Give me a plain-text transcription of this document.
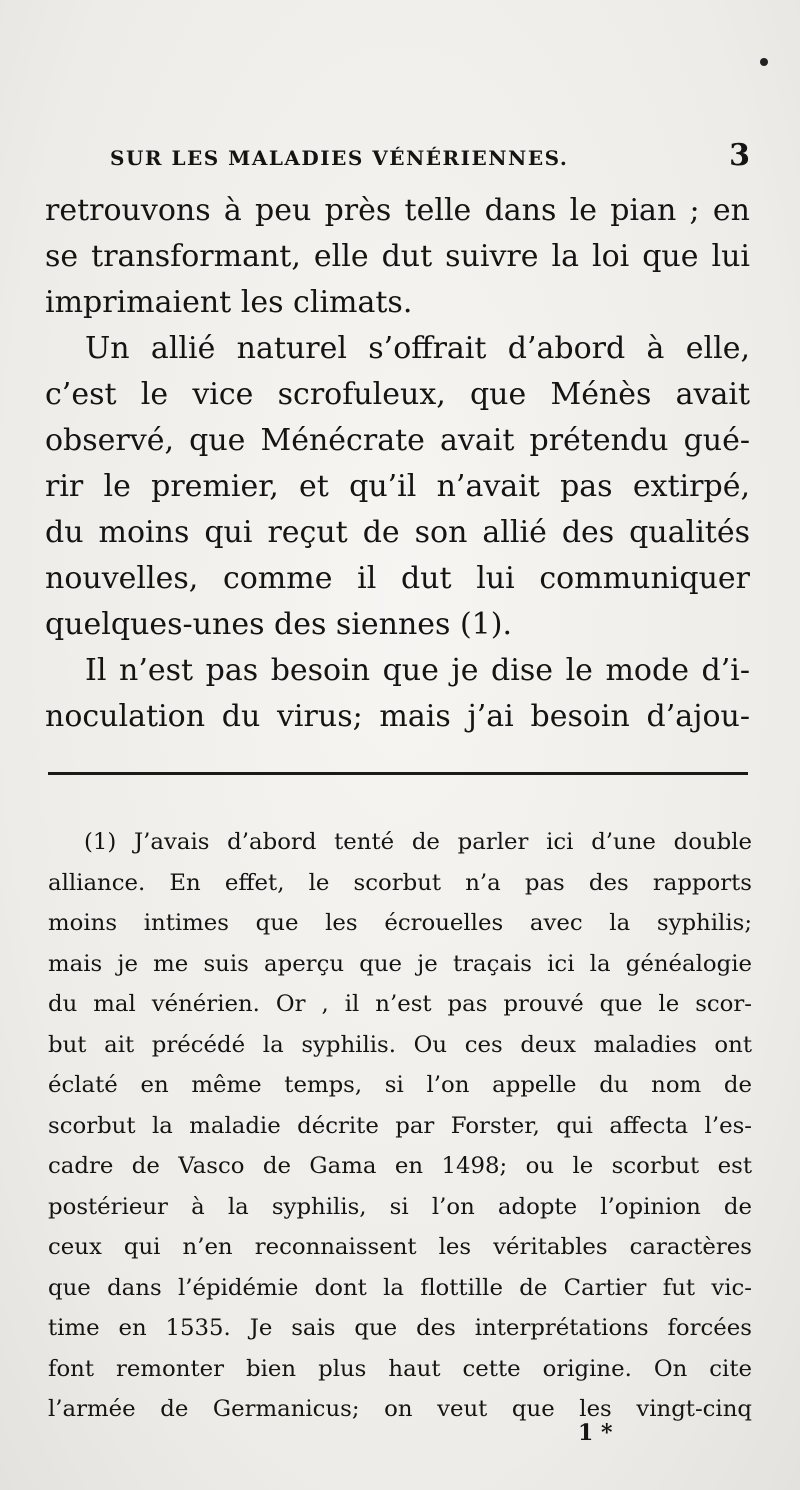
SUR LES MALADIES VÉNÉRIENNES.	3
retrouvons à peu près telle dans le pian ; en
se transformant, elle dut suivre la loi que lui
imprimaient les climats.
Un allié naturel s’offrait d’abord à elle,
c’est le vice scrofuleux, que Ménès avait
observé, que Ménécrate avait prétendu gué-
rir le premier, et qu’il n’avait pas extirpé,
du moins qui reçut de son allié des qualités
nouvelles, comme il dut lui communiquer
quelques-unes des siennes (1).
Il n’est pas besoin que je dise le mode d’i-
noculation du virus; mais j’ai besoin d’ajou-
(1) J’avais d’abord tenté de parler ici d’une double
alliance. En effet, le scorbut n’a pas des rapports
moins intimes que les écrouelles avec la syphilis;
mais je me suis aperçu que je traçais ici la généalogie
du mal vénérien. Or , il n’est pas prouvé que le scor-
but ait précédé la syphilis. Ou ces deux maladies ont
éclaté en même temps, si l’on appelle du nom de
scorbut la maladie décrite par Forster, qui affecta l’es-
cadre de Vasco de Gama en 1498; ou le scorbut est
postérieur à la syphilis, si l’on adopte l’opinion de
ceux qui n’en reconnaissent les véritables caractères
que dans l’épidémie dont la flottille de Cartier fut vic-
time en 1535. Je sais que des interprétations forcées
font remonter bien plus haut cette origine. On cite
l’armée de Germanicus; on veut que les vingt-cinq
1 *
